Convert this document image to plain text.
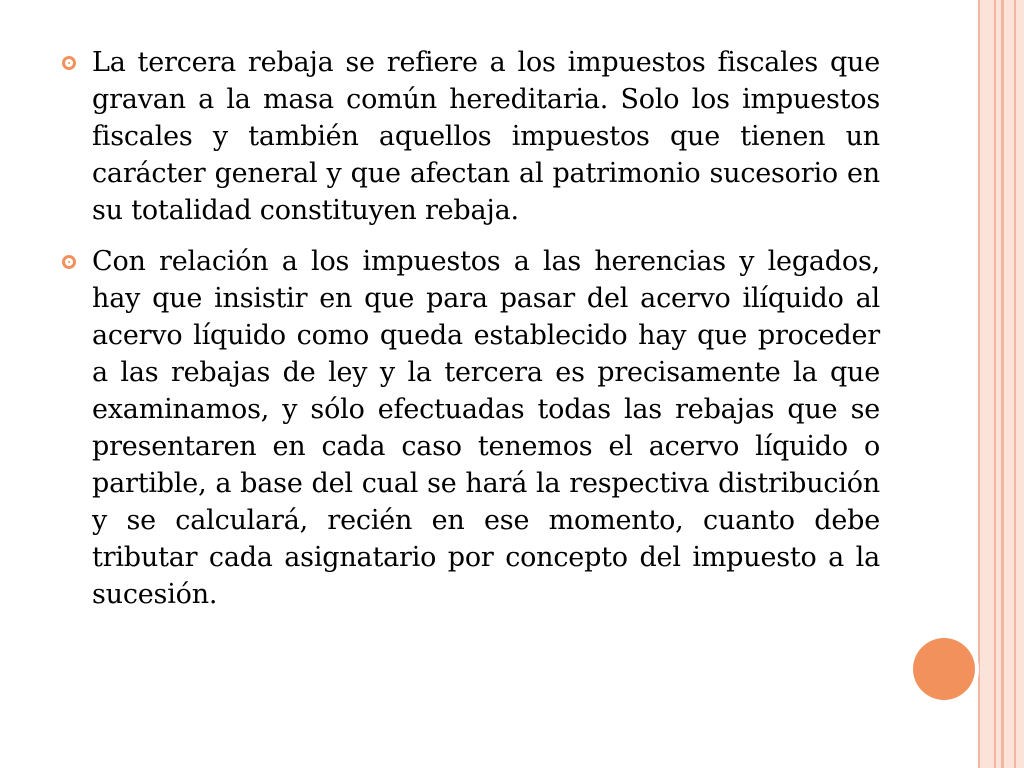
La tercera rebaja se refiere a los impuestos fiscales que gravan a la masa común hereditaria. Solo los impuestos fiscales y también aquellos impuestos que tienen un carácter general y que afectan al patrimonio sucesorio en su totalidad constituyen rebaja.

Con relación a los impuestos a las herencias y legados, hay que insistir en que para pasar del acervo ilíquido al acervo líquido como queda establecido hay que proceder a las rebajas de ley y la tercera es precisamente la que examinamos, y sólo efectuadas todas las rebajas que se presentaren en cada caso tenemos el acervo líquido o partible, a base del cual se hará la respectiva distribución y se calculará, recién en ese momento, cuanto debe tributar cada asignatario por concepto del impuesto a la sucesión.
